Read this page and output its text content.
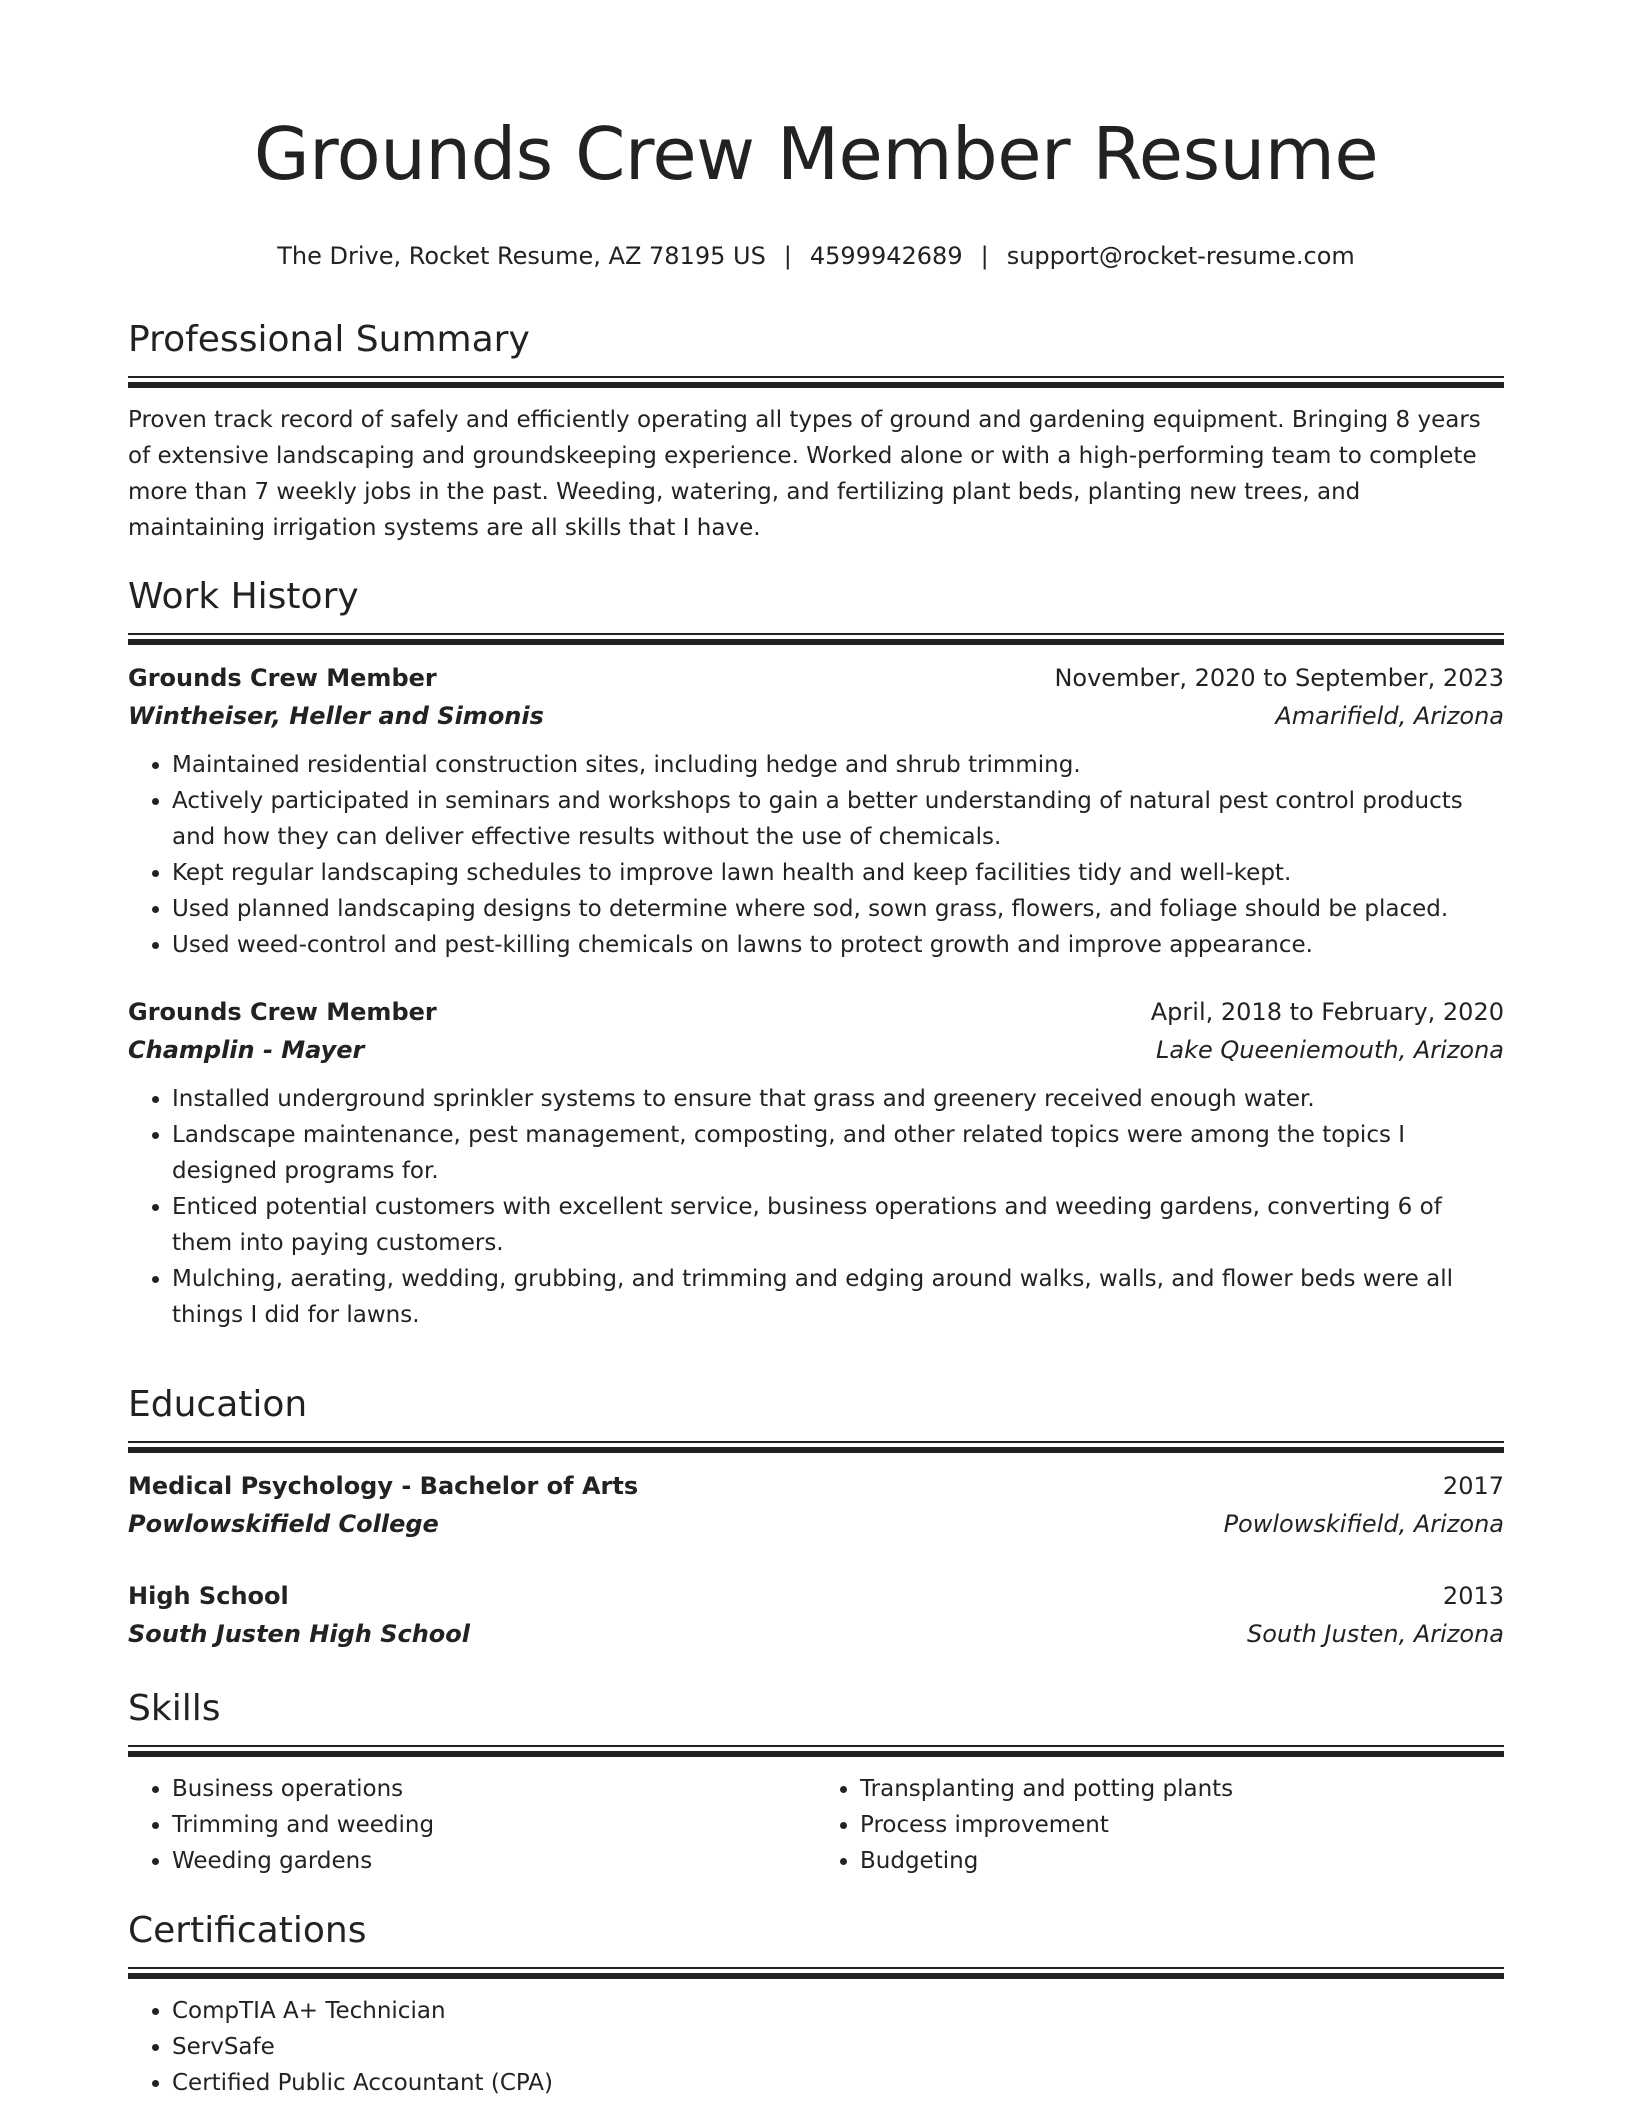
Grounds Crew Member Resume
The Drive, Rocket Resume, AZ 78195 US | 4599942689 | support@rocket-resume.com
Professional Summary
Proven track record of safely and efficiently operating all types of ground and gardening equipment. Bringing 8 years of extensive landscaping and groundskeeping experience. Worked alone or with a high-performing team to complete more than 7 weekly jobs in the past. Weeding, watering, and fertilizing plant beds, planting new trees, and maintaining irrigation systems are all skills that I have.
Work History
Grounds Crew Member	November, 2020 to September, 2023
Wintheiser, Heller and Simonis	Amarifield, Arizona
• Maintained residential construction sites, including hedge and shrub trimming.
• Actively participated in seminars and workshops to gain a better understanding of natural pest control products and how they can deliver effective results without the use of chemicals.
• Kept regular landscaping schedules to improve lawn health and keep facilities tidy and well-kept.
• Used planned landscaping designs to determine where sod, sown grass, flowers, and foliage should be placed.
• Used weed-control and pest-killing chemicals on lawns to protect growth and improve appearance.
Grounds Crew Member	April, 2018 to February, 2020
Champlin - Mayer	Lake Queeniemouth, Arizona
• Installed underground sprinkler systems to ensure that grass and greenery received enough water.
• Landscape maintenance, pest management, composting, and other related topics were among the topics I designed programs for.
• Enticed potential customers with excellent service, business operations and weeding gardens, converting 6 of them into paying customers.
• Mulching, aerating, wedding, grubbing, and trimming and edging around walks, walls, and flower beds were all things I did for lawns.
Education
Medical Psychology - Bachelor of Arts	2017
Powlowskifield College	Powlowskifield, Arizona
High School	2013
South Justen High School	South Justen, Arizona
Skills
• Business operations
• Trimming and weeding
• Weeding gardens
• Transplanting and potting plants
• Process improvement
• Budgeting
Certifications
• CompTIA A+ Technician
• ServSafe
• Certified Public Accountant (CPA)
